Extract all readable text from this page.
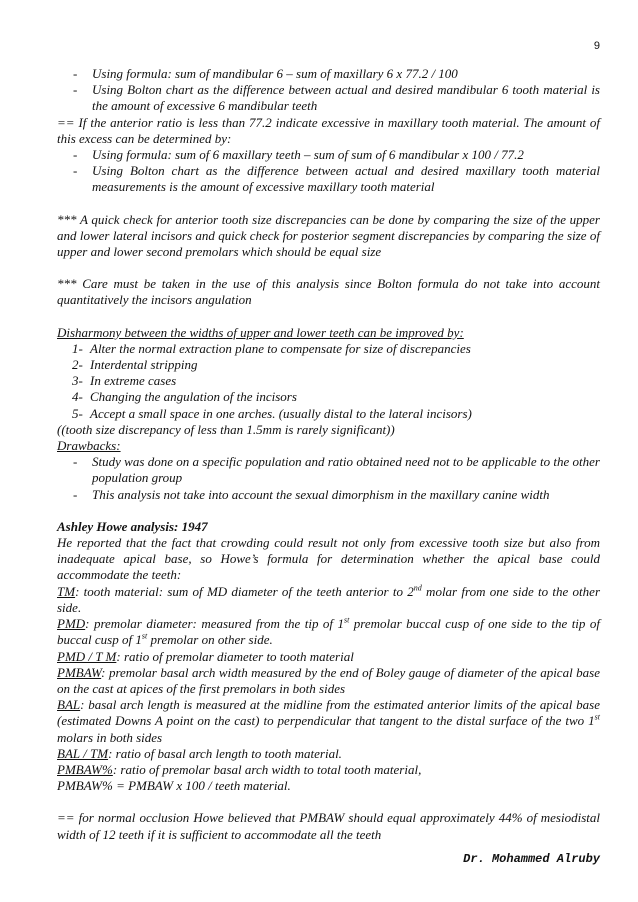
9
- Using formula: sum of mandibular 6 – sum of maxillary 6 x 77.2 / 100
- Using Bolton chart as the difference between actual and desired mandibular 6 tooth material is the amount of excessive 6 mandibular teeth

== If the anterior ratio is less than 77.2 indicate excessive in maxillary tooth material. The amount of this excess can be determined by:

- Using formula: sum of 6 maxillary teeth – sum of sum of 6 mandibular x 100 / 77.2
- Using Bolton chart as the difference between actual and desired maxillary tooth material measurements is the amount of excessive maxillary tooth material

*** A quick check for anterior tooth size discrepancies can be done by comparing the size of the upper and lower lateral incisors and quick check for posterior segment discrepancies by comparing the size of upper and lower second premolars which should be equal size

*** Care must be taken in the use of this analysis since Bolton formula do not take into account quantitatively the incisors angulation

Disharmony between the widths of upper and lower teeth can be improved by:

1- Alter the normal extraction plane to compensate for size of discrepancies
2- Interdental stripping
3- In extreme cases
4- Changing the angulation of the incisors
5- Accept a small space in one arches. (usually distal to the lateral incisors)

((tooth size discrepancy of less than 1.5mm is rarely significant))

Drawbacks:

- Study was done on a specific population and ratio obtained need not to be applicable to the other population group
- This analysis not take into account the sexual dimorphism in the maxillary canine width

Ashley Howe analysis: 1947

He reported that the fact that crowding could result not only from excessive tooth size but also from inadequate apical base, so Howe’s formula for determination whether the apical base could accommodate the teeth:

TM: tooth material: sum of MD diameter of the teeth anterior to 2nd molar from one side to the other side.

PMD: premolar diameter: measured from the tip of 1st premolar buccal cusp of one side to the tip of buccal cusp of 1st premolar on other side.

PMD / T M: ratio of premolar diameter to tooth material

PMBAW: premolar basal arch width measured by the end of Boley gauge of diameter of the apical base on the cast at apices of the first premolars in both sides

BAL: basal arch length is measured at the midline from the estimated anterior limits of the apical base (estimated Downs A point on the cast) to perpendicular that tangent to the distal surface of the two 1st molars in both sides

BAL / TM: ratio of basal arch length to tooth material.

PMBAW%: ratio of premolar basal arch width to total tooth material,

PMBAW% = PMBAW x 100 / teeth material.

== for normal occlusion Howe believed that PMBAW should equal approximately 44% of mesiodistal width of 12 teeth if it is sufficient to accommodate all the teeth

Dr. Mohammed Alruby
